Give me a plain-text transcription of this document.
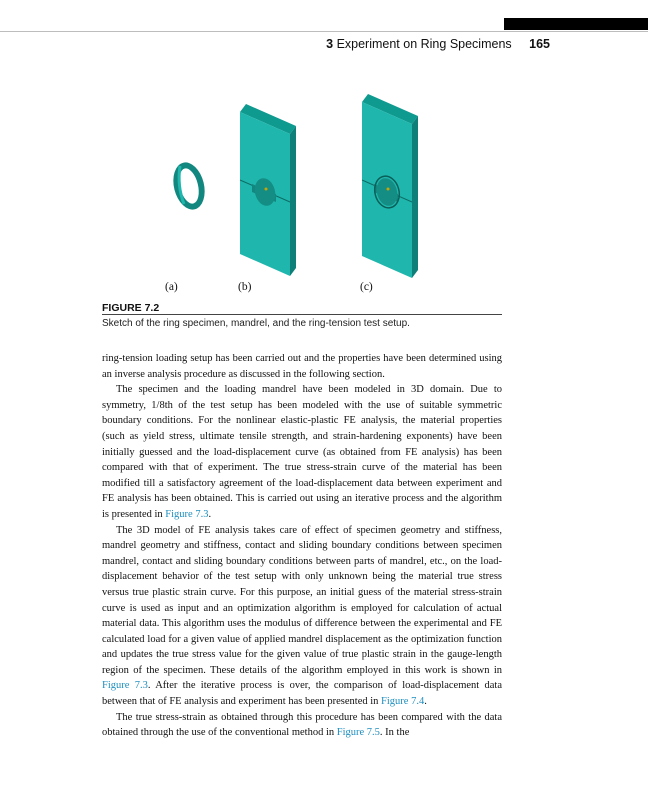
3 Experiment on Ring Specimens 165
(a)	(b)	(c)
FIGURE 7.2
Sketch of the ring specimen, mandrel, and the ring-tension test setup.

ring-tension loading setup has been carried out and the properties have been determined using an inverse analysis procedure as discussed in the following section.

The specimen and the loading mandrel have been modeled in 3D domain. Due to symmetry, 1/8th of the test setup has been modeled with the use of suitable symmetric boundary conditions. For the nonlinear elastic-plastic FE analysis, the material properties (such as yield stress, ultimate tensile strength, and strain-hardening exponents) have been initially guessed and the load-displacement curve (as obtained from FE analysis) has been compared with that of experiment. The true stress-strain curve of the material has been modified till a satisfactory agreement of the load-displacement data between experiment and FE analysis has been obtained. This is carried out using an iterative process and the algorithm is presented in Figure 7.3.

The 3D model of FE analysis takes care of effect of specimen geometry and stiffness, mandrel geometry and stiffness, contact and sliding boundary conditions between specimen mandrel, contact and sliding boundary conditions between parts of mandrel, etc., on the load-displacement behavior of the test setup with only unknown being the material true stress versus true plastic strain curve. For this purpose, an initial guess of the material stress-strain curve is used as input and an optimization algorithm is employed for calculation of actual material data. This algorithm uses the modulus of difference between the experimental and FE calculated load for a given value of applied mandrel displacement as the optimization function and updates the true stress value for the given value of true plastic strain in the gauge-length region of the specimen. These details of the algorithm employed in this work is shown in Figure 7.3. After the iterative process is over, the comparison of load-displacement data between that of FE analysis and experiment has been presented in Figure 7.4.

The true stress-strain as obtained through this procedure has been compared with the data obtained through the use of the conventional method in Figure 7.5. In the
